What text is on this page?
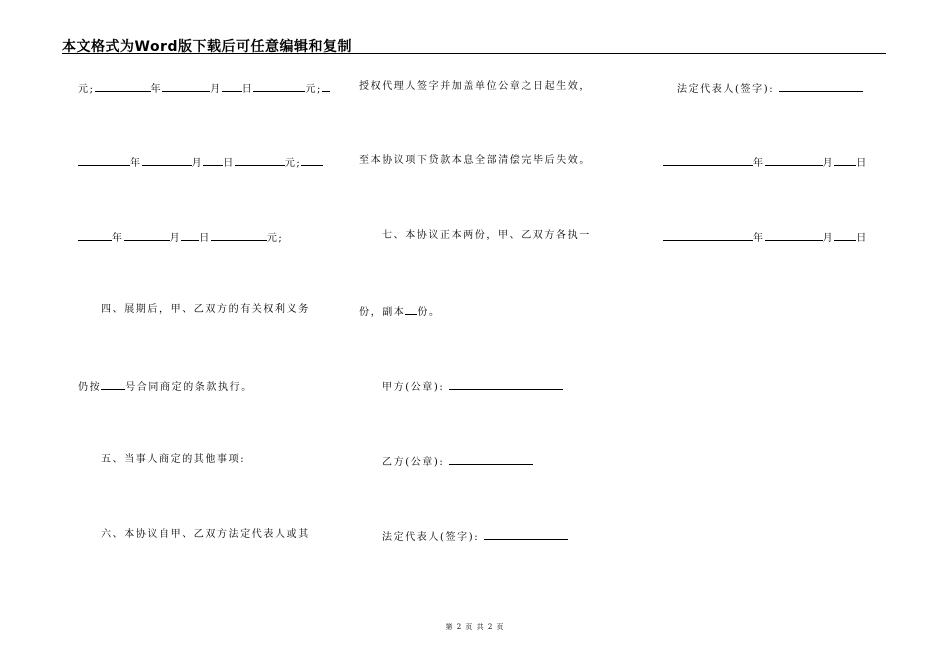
本文格式为Word版下载后可任意编辑和复制
元;	年	月 日	元;
年	月 日	元;
年	月 日	元;
四、展期后，甲、乙双方的有关权利义务
仍按 号合同商定的条款执行。
五、当事人商定的其他事项:
六、本协议自甲、乙双方法定代表人或其
授权代理人签字并加盖单位公章之日起生效，
至本协议项下贷款本息全部清偿完毕后失效。
七、本协议正本两份，甲、乙双方各执一
份，副本 份。
甲方(公章):
乙方(公章):
法定代表人(签字):
法定代表人(签字):
年	月 日
年	月 日
第 2 页 共 2 页
